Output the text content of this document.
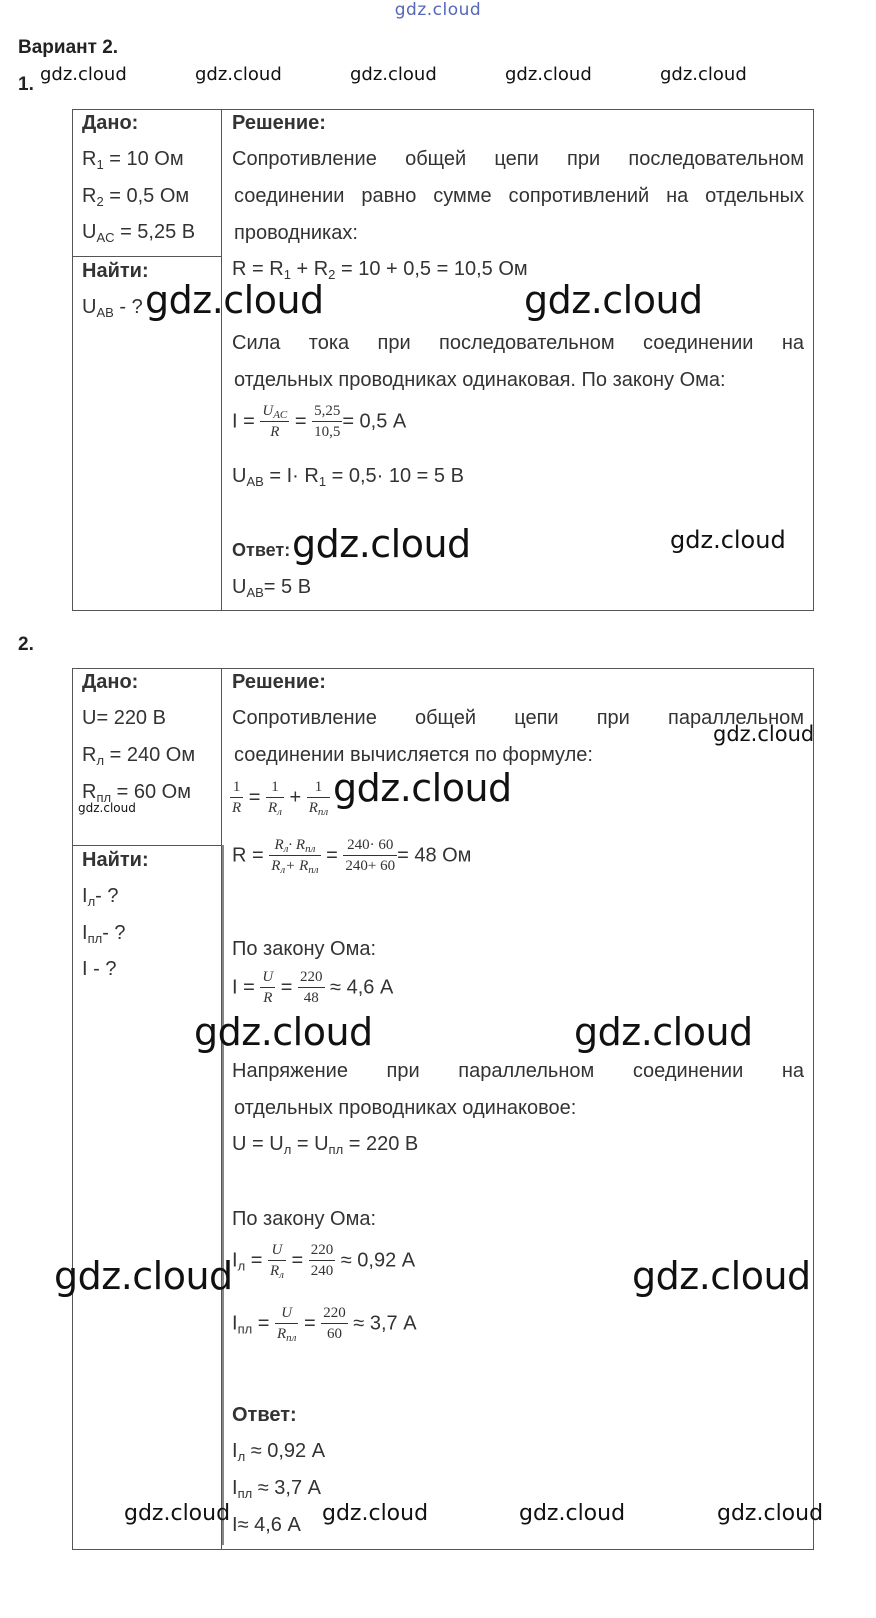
gdz.cloud
gdz.cloud	gdz.cloud	gdz.cloud	gdz.cloud	gdz.cloud
Вариант 2.
1.
Дано:
$R_1 = 10$ Ом
$R_2 = 0,5$ Ом
$U_{AC} = 5,25$ В
Найти:
$U_{AB}$ - ?
Решение:
Сопротивление общей цепи при последовательном
соединении равно сумме сопротивлений на отдельных
проводниках:
$R = R_1 + R_2 = 10 + 0,5 = 10,5$ Ом
Сила тока при последовательном соединении на
отдельных проводниках одинаковая. По закону Ома:
$I = \frac{U_{AC}}{R} = \frac{5,25}{10,5} = 0,5$ А
$U_{AB} = I\cdot R_1 = 0,5\cdot 10 = 5$ В
Ответ:
$U_{AB}= 5$ В
gdz.cloud	gdz.cloud
gdz.cloud	gdz.cloud
2.
Дано:
U= 220 В
$R_л = 240$ Ом
$R_{пл} = 60$ Ом
Найти:
$I_л-$ ?
$I_{пл}-$ ?
I - ?
Решение:
Сопротивление общей цепи при параллельном
соединении вычисляется по формуле:
$\frac{1}{R} = \frac{1}{R_л} + \frac{1}{R_{пл}}$
$R = \frac{R_л\cdot R_{пл}}{R_л+ R_{пл}} = \frac{240\cdot 60}{240+ 60} = 48$ Ом
По закону Ома:
$I = \frac{U}{R} = \frac{220}{48} \approx 4,6$ А
Напряжение при параллельном соединении на
отдельных проводниках одинаковое:
$U = U_л = U_{пл} = 220$ В
По закону Ома:
$I_л = \frac{U}{R_л} = \frac{220}{240} \approx 0,92$ А
$I_{пл} = \frac{U}{R_{пл}} = \frac{220}{60} \approx 3,7$ А
Ответ:
$I_л \approx 0,92$ А
$I_{пл} \approx 3,7$ А
I≈ 4,6 А
gdz.cloud
gdz.cloud
gdz.cloud
gdz.cloud	gdz.cloud
gdz.cloud	gdz.cloud
gdz.cloud	gdz.cloud	gdz.cloud	gdz.cloud
